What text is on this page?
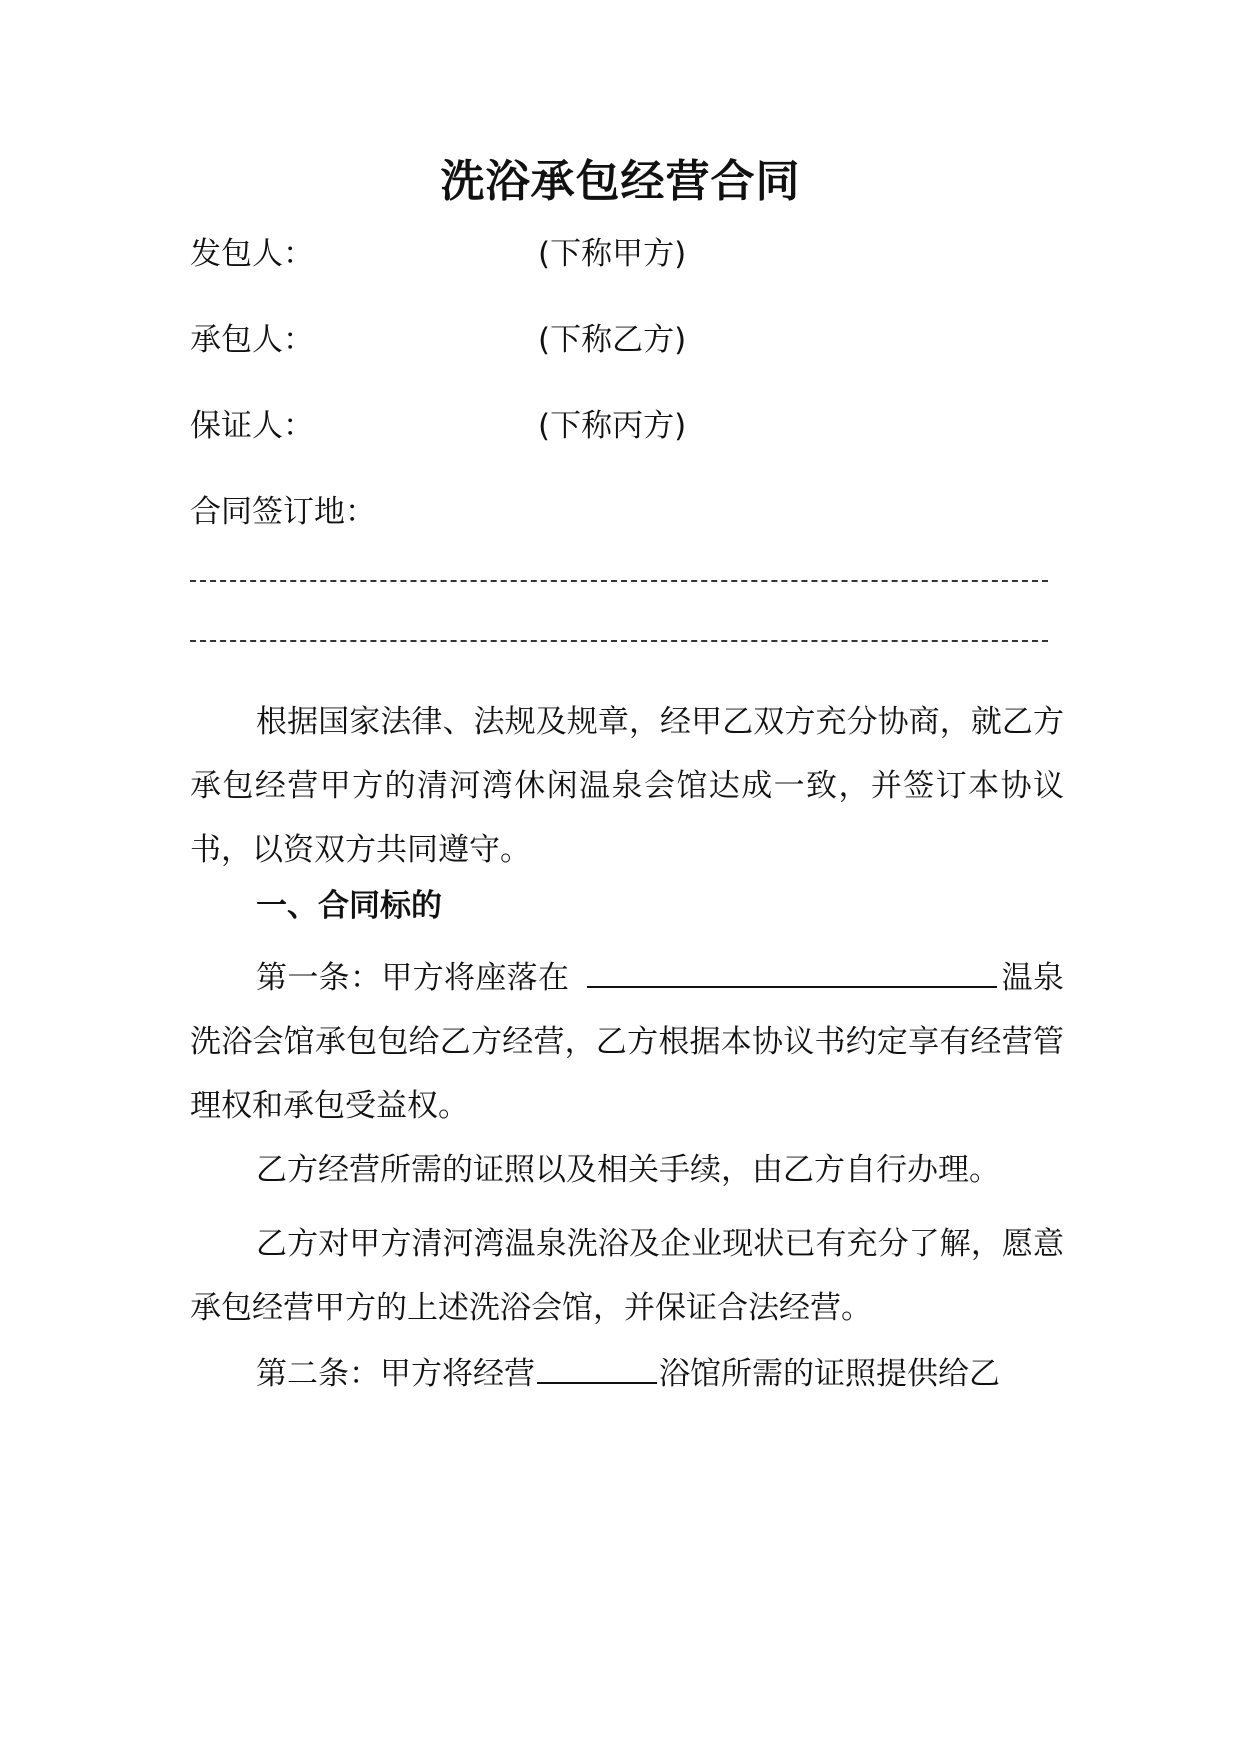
洗浴承包经营合同
发包人：	(下称甲方)
承包人：	(下称乙方)
保证人：	(下称丙方)
合同签订地：

根据国家法律、法规及规章，经甲乙双方充分协商，就乙方承包经营甲方的清河湾休闲温泉会馆达成一致，并签订本协议书，以资双方共同遵守。

一、合同标的

第一条：甲方将座落在	温泉洗浴会馆承包包给乙方经营，乙方根据本协议书约定享有经营管理权和承包受益权。

乙方经营所需的证照以及相关手续，由乙方自行办理。

乙方对甲方清河湾温泉洗浴及企业现状已有充分了解，愿意承包经营甲方的上述洗浴会馆，并保证合法经营。

第二条：甲方将经营	浴馆所需的证照提供给乙
